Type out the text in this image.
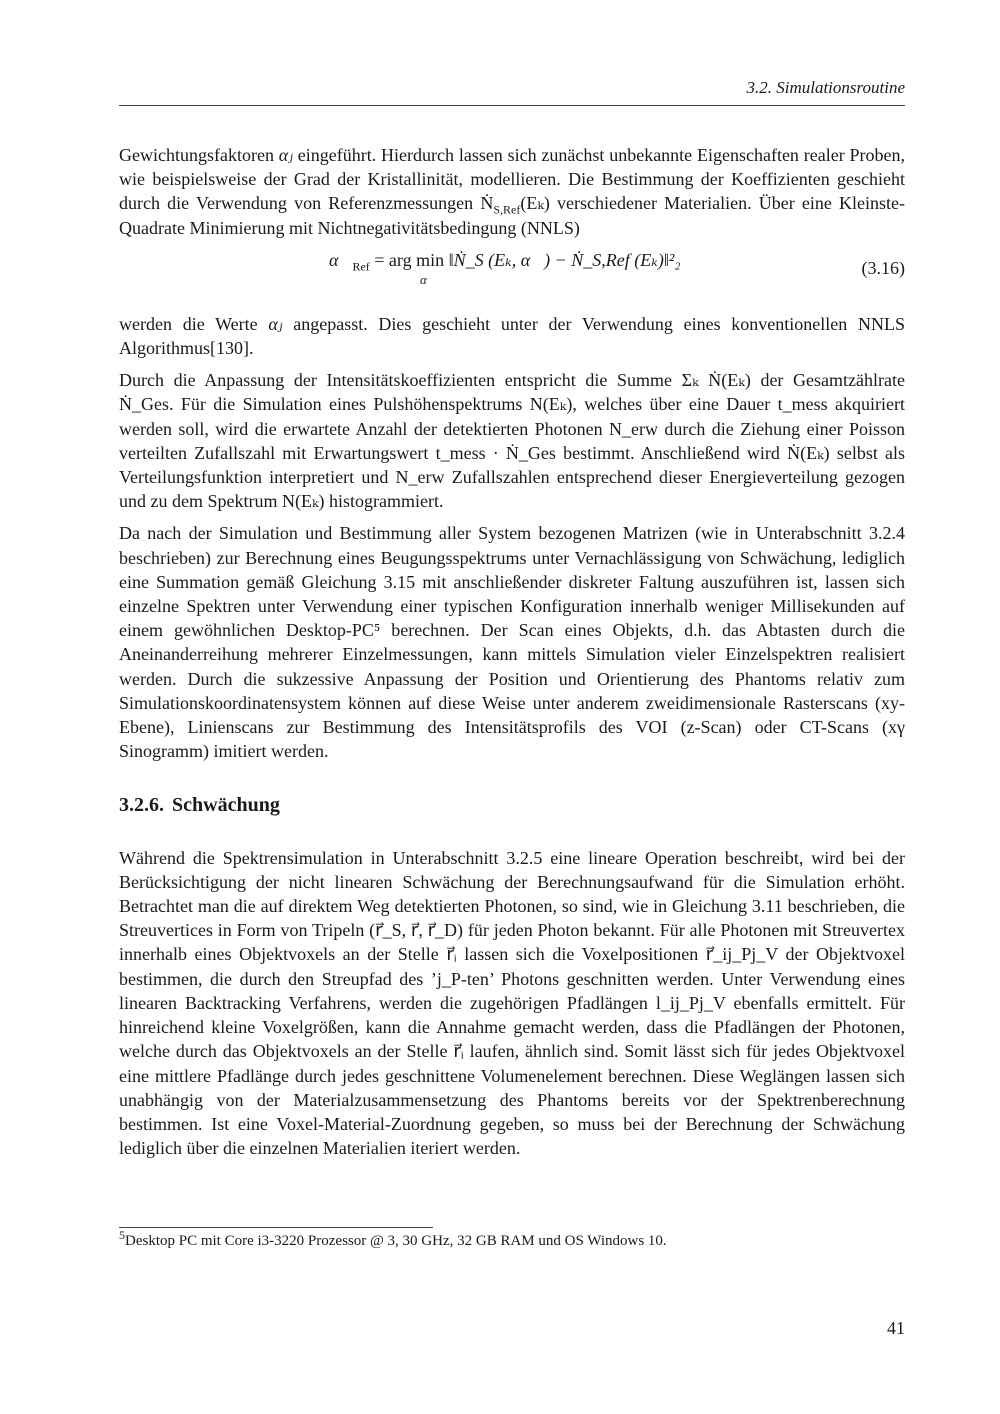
3.2. Simulationsroutine

Gewichtungsfaktoren αⱼ eingeführt. Hierdurch lassen sich zunächst unbekannte Eigenschaften realer Proben, wie beispielsweise der Grad der Kristallinität, modellieren. Die Bestimmung der Koeffizienten geschieht durch die Verwendung von Referenzmessungen Ṅ$_{S,Ref}$(Eₖ) verschiedener Materialien. Über eine Kleinste-Quadrate Minimierung mit Nichtnegativitätsbedingung (NNLS)

$\alpha⃗_{Ref}$ = arg min ‖Ṅ_S (Eₖ, α⃗) − Ṅ_S,Ref (Eₖ)‖²₂
α⃗
(3.16)

werden die Werte αⱼ angepasst. Dies geschieht unter der Verwendung eines konventionellen NNLS Algorithmus[130].

Durch die Anpassung der Intensitätskoeffizienten entspricht die Summe Σₖ Ṅ(Eₖ) der Gesamtzählrate Ṅ_Ges. Für die Simulation eines Pulshöhenspektrums N(Eₖ), welches über eine Dauer t_mess akquiriert werden soll, wird die erwartete Anzahl der detektierten Photonen N_erw durch die Ziehung einer Poisson verteilten Zufallszahl mit Erwartungswert t_mess · Ṅ_Ges bestimmt. Anschließend wird Ṅ(Eₖ) selbst als Verteilungsfunktion interpretiert und N_erw Zufallszahlen entsprechend dieser Energieverteilung gezogen und zu dem Spektrum N(Eₖ) histogrammiert.

Da nach der Simulation und Bestimmung aller System bezogenen Matrizen (wie in Unterabschnitt 3.2.4 beschrieben) zur Berechnung eines Beugungsspektrums unter Vernachlässigung von Schwächung, lediglich eine Summation gemäß Gleichung 3.15 mit anschließender diskreter Faltung auszuführen ist, lassen sich einzelne Spektren unter Verwendung einer typischen Konfiguration innerhalb weniger Millisekunden auf einem gewöhnlichen Desktop-PC⁵ berechnen. Der Scan eines Objekts, d.h. das Abtasten durch die Aneinanderreihung mehrerer Einzelmessungen, kann mittels Simulation vieler Einzelspektren realisiert werden. Durch die sukzessive Anpassung der Position und Orientierung des Phantoms relativ zum Simulationskoordinatensystem können auf diese Weise unter anderem zweidimensionale Rasterscans (xy-Ebene), Linienscans zur Bestimmung des Intensitätsprofils des VOI (z-Scan) oder CT-Scans (xγ Sinogramm) imitiert werden.

3.2.6. Schwächung

Während die Spektrensimulation in Unterabschnitt 3.2.5 eine lineare Operation beschreibt, wird bei der Berücksichtigung der nicht linearen Schwächung der Berechnungsaufwand für die Simulation erhöht. Betrachtet man die auf direktem Weg detektierten Photonen, so sind, wie in Gleichung 3.11 beschrieben, die Streuvertices in Form von Tripeln (r⃗_S, r⃗, r⃗_D) für jeden Photon bekannt. Für alle Photonen mit Streuvertex innerhalb eines Objektvoxels an der Stelle r⃗ᵢ lassen sich die Voxelpositionen r⃗_ij_Pj_V der Objektvoxel bestimmen, die durch den Streupfad des ’j_P-ten’ Photons geschnitten werden. Unter Verwendung eines linearen Backtracking Verfahrens, werden die zugehörigen Pfadlängen l_ij_Pj_V ebenfalls ermittelt. Für hinreichend kleine Voxelgrößen, kann die Annahme gemacht werden, dass die Pfadlängen der Photonen, welche durch das Objektvoxels an der Stelle r⃗ᵢ laufen, ähnlich sind. Somit lässt sich für jedes Objektvoxel eine mittlere Pfadlänge durch jedes geschnittene Volumenelement berechnen. Diese Weglängen lassen sich unabhängig von der Materialzusammensetzung des Phantoms bereits vor der Spektrenberechnung bestimmen. Ist eine Voxel-Material-Zuordnung gegeben, so muss bei der Berechnung der Schwächung lediglich über die einzelnen Materialien iteriert werden.

$^5$Desktop PC mit Core i3-3220 Prozessor @ 3, 30 GHz, 32 GB RAM und OS Windows 10.
41
